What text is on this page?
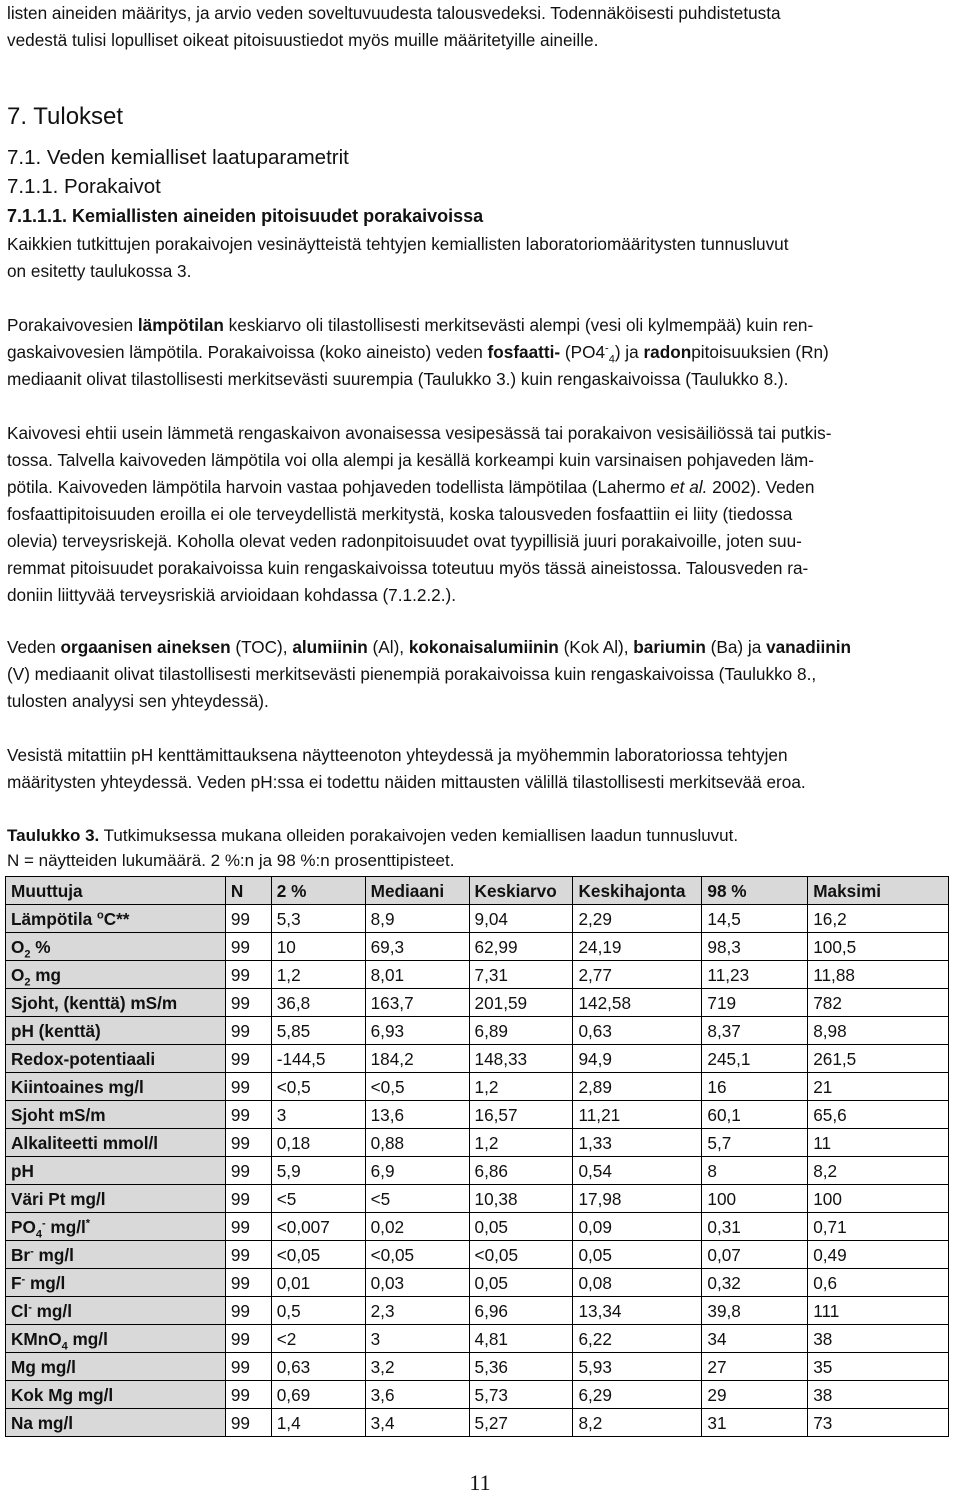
listen aineiden määritys, ja arvio veden soveltuvuudesta talousvedeksi. Todennäköisesti puhdistetusta
vedestä tulisi lopulliset oikeat pitoisuustiedot myös muille määritetyille aineille.
7. Tulokset
7.1. Veden kemialliset laatuparametrit
7.1.1. Porakaivot
7.1.1.1. Kemiallisten aineiden pitoisuudet porakaivoissa
Kaikkien tutkittujen porakaivojen vesinäytteistä tehtyjen kemiallisten laboratoriomääritysten tunnusluvut
on esitetty taulukossa 3.
Porakaivovesien lämpötilan keskiarvo oli tilastollisesti merkitsevästi alempi (vesi oli kylmempää) kuin ren-
gaskaivovesien lämpötila. Porakaivoissa (koko aineisto) veden fosfaatti- $(PO4^-_4)$ ja radonpitoisuuksien (Rn)
mediaanit olivat tilastollisesti merkitsevästi suurempia (Taulukko 3.) kuin rengaskaivoissa (Taulukko 8.).
Kaivovesi ehtii usein lämmetä rengaskaivon avonaisessa vesipesässä tai porakaivon vesisäiliössä tai putkis-
tossa. Talvella kaivoveden lämpötila voi olla alempi ja kesällä korkeampi kuin varsinaisen pohjaveden läm-
pötila. Kaivoveden lämpötila harvoin vastaa pohjaveden todellista lämpötilaa (Lahermo et al. 2002). Veden
fosfaattipitoisuuden eroilla ei ole terveydellistä merkitystä, koska talousveden fosfaattiin ei liity (tiedossa
olevia) terveysriskejä. Koholla olevat veden radonpitoisuudet ovat tyypillisiä juuri porakaivoille, joten suu-
remmat pitoisuudet porakaivoissa kuin rengaskaivoissa toteutuu myös tässä aineistossa. Talousveden ra-
doniin liittyvää terveysriskiä arvioidaan kohdassa (7.1.2.2.).
Veden orgaanisen aineksen (TOC), alumiinin (Al), kokonaisalumiinin (Kok Al), bariumin (Ba) ja vanadiinin
(V) mediaanit olivat tilastollisesti merkitsevästi pienempiä porakaivoissa kuin rengaskaivoissa (Taulukko 8.,
tulosten analyysi sen yhteydessä).
Vesistä mitattiin pH kenttämittauksena näytteenoton yhteydessä ja myöhemmin laboratoriossa tehtyjen
määritysten yhteydessä. Veden pH:ssa ei todettu näiden mittausten välillä tilastollisesti merkitsevää eroa.
Taulukko 3. Tutkimuksessa mukana olleiden porakaivojen veden kemiallisen laadun tunnusluvut.
N = näytteiden lukumäärä. 2 %:n ja 98 %:n prosenttipisteet.
Muuttuja	N	2 %	Mediaani	Keskiarvo	Keskihajonta	98 %	Maksimi
Lämpötila $^o$C**	99	5,3	8,9	9,04	2,29	14,5	16,2
$O_2$ %	99	10	69,3	62,99	24,19	98,3	100,5
$O_2$ mg	99	1,2	8,01	7,31	2,77	11,23	11,88
Sjoht, (kenttä) mS/m	99	36,8	163,7	201,59	142,58	719	782
pH (kenttä)	99	5,85	6,93	6,89	0,63	8,37	8,98
Redox-potentiaali	99	-144,5	184,2	148,33	94,9	245,1	261,5
Kiintoaines mg/l	99	<0,5	<0,5	1,2	2,89	16	21
Sjoht mS/m	99	3	13,6	16,57	11,21	60,1	65,6
Alkaliteetti mmol/l	99	0,18	0,88	1,2	1,33	5,7	11
pH	99	5,9	6,9	6,86	0,54	8	8,2
Väri Pt mg/l	99	<5	<5	10,38	17,98	100	100
$PO_4^-$ mg/l*	99	<0,007	0,02	0,05	0,09	0,31	0,71
Br- mg/l	99	<0,05	<0,05	<0,05	0,05	0,07	0,49
F- mg/l	99	0,01	0,03	0,05	0,08	0,32	0,6
Cl- mg/l	99	0,5	2,3	6,96	13,34	39,8	111
KMnO$_4$ mg/l	99	<2	3	4,81	6,22	34	38
Mg mg/l	99	0,63	3,2	5,36	5,93	27	35
Kok Mg mg/l	99	0,69	3,6	5,73	6,29	29	38
Na mg/l	99	1,4	3,4	5,27	8,2	31	73
11
